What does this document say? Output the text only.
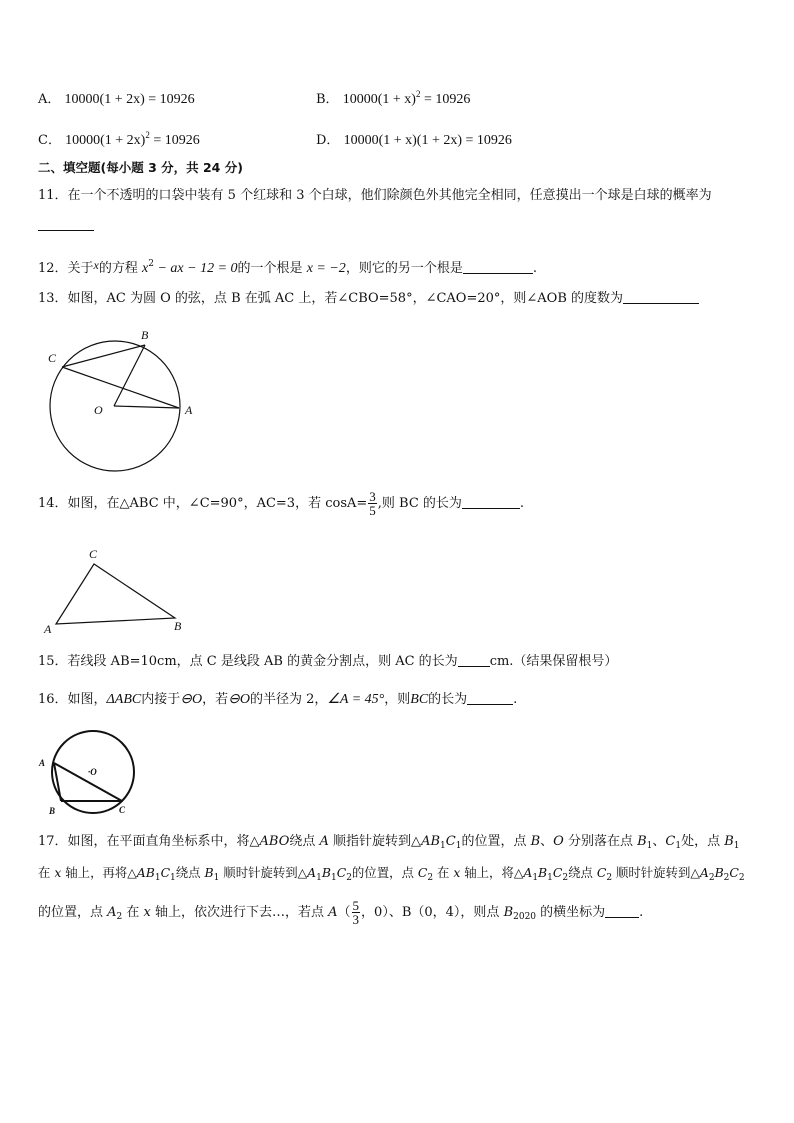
A． 10000(1 + 2x) = 10926	B． $10000(1 + x)^2 = 10926$
C． $10000(1 + 2x)^2 = 10926$	D． 10000(1 + x)(1 + 2x) = 10926
二、填空题(每小题 3 分，共 24 分)
11．在一个不透明的口袋中装有 5 个红球和 3 个白球，他们除颜色外其他完全相同，任意摸出一个球是白球的概率为
12．关于x的方程 $x^2$ − ax − 12 = 0的一个根是 x = −2，则它的另一个根是	.
13．如图，AC 为圆 O 的弦，点 B 在弧 AC 上，若∠CBO=58°，∠CAO=20°，则∠AOB 的度数为
C
B
O	A
14．如图，在△ABC 中，∠C=90°，AC=3，若 $\cos A= \frac{3}{5}$ ,则 BC 的长为	.
C
A	B
15．若线段 AB=10cm，点 C 是线段 AB 的黄金分割点，则 AC 的长为 cm.（结果保留根号）
16．如图，ΔABC内接于⊖O，若⊖O的半径为 2，∠A = 45°，则BC的长为	.
A
B	C
·O
17．如图，在平面直角坐标系中，将△ABO绕点 A 顺指针旋转到$\triangle AB_1C_1$的位置，点 B、O 分别落在点 $B_1$、$C_1$处，点 $B_1$
在 x 轴上，再将$\triangle AB_1C_1$绕点 $B_1$ 顺时针旋转到$\triangle A_1B_1C_2$的位置，点 $C_2$ 在 x 轴上，将$\triangle A_1B_1C_2$绕点 $C_2$ 顺时针旋转到$\triangle A_2B_2C_2$
的位置，点 $A_2$ 在 x 轴上，依次进行下去…，若点 $A( \frac{5}{3}$ ，0）、B（0，4），则点 $B_{2020}$ 的横坐标为	.
